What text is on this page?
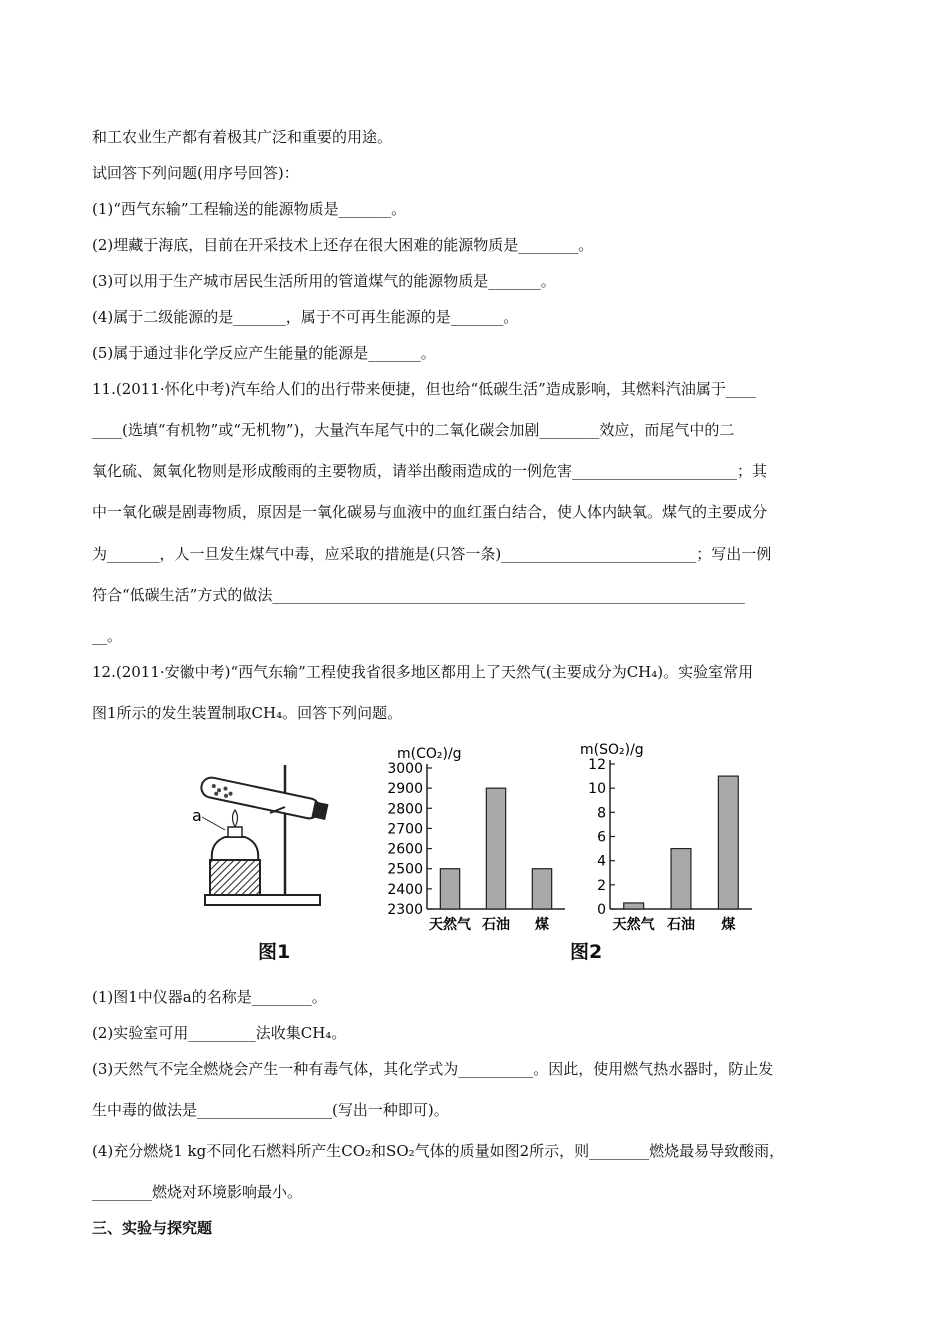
和工农业生产都有着极其广泛和重要的用途。
试回答下列问题(用序号回答)：
(1)“西气东输”工程输送的能源物质是_______。
(2)埋藏于海底，目前在开采技术上还存在很大困难的能源物质是________。
(3)可以用于生产城市居民生活所用的管道煤气的能源物质是_______。
(4)属于二级能源的是_______，属于不可再生能源的是_______。
(5)属于通过非化学反应产生能量的能源是_______。
11.(2011·怀化中考)汽车给人们的出行带来便捷，但也给“低碳生活”造成影响，其燃料汽油属于____
____(选填“有机物”或“无机物”)，大量汽车尾气中的二氧化碳会加剧________效应，而尾气中的二
氧化硫、氮氧化物则是形成酸雨的主要物质，请举出酸雨造成的一例危害______________________；其
中一氧化碳是剧毒物质，原因是一氧化碳易与血液中的血红蛋白结合，使人体内缺氧。煤气的主要成分
为_______，人一旦发生煤气中毒，应采取的措施是(只答一条)__________________________；写出一例
符合“低碳生活”方式的做法_______________________________________________________________
__。
12.(2011·安徽中考)“西气东输”工程使我省很多地区都用上了天然气(主要成分为CH₄)。实验室常用
图1所示的发生装置制取CH₄。回答下列问题。
a
图1
m(CO₂)/g
2300
2400
2500
2600
2700
2800
2900
3000
天然气 石油 煤
m(SO₂)/g
0
2
4
6
8
10
12
天然气 石油 煤
图2
(1)图1中仪器a的名称是________。
(2)实验室可用_________法收集CH₄。
(3)天然气不完全燃烧会产生一种有毒气体，其化学式为__________。因此，使用燃气热水器时，防止发
生中毒的做法是__________________(写出一种即可)。
(4)充分燃烧1 kg不同化石燃料所产生CO₂和SO₂气体的质量如图2所示，则________燃烧最易导致酸雨，
________燃烧对环境影响最小。
三、实验与探究题
